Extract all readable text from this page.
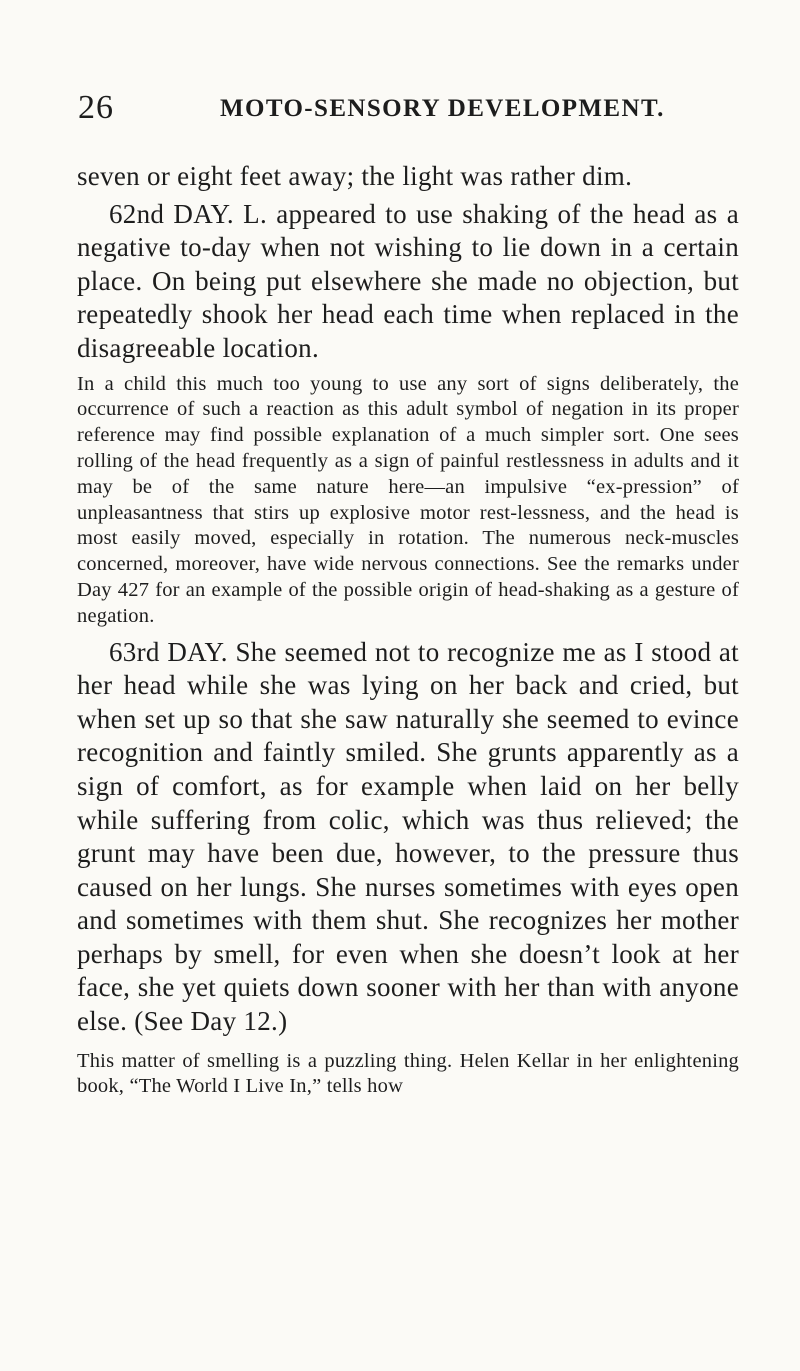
26	MOTO-SENSORY DEVELOPMENT.

seven or eight feet away; the light was rather dim.

62nd DAY. L. appeared to use shaking of the head as a negative to-day when not wishing to lie down in a certain place. On being put elsewhere she made no objection, but repeatedly shook her head each time when replaced in the disagreeable location.

In a child this much too young to use any sort of signs deliberately, the occurrence of such a reaction as this adult symbol of negation in its proper reference may find possible explanation of a much simpler sort. One sees rolling of the head frequently as a sign of painful restlessness in adults and it may be of the same nature here—an impulsive “ex-pression” of unpleasantness that stirs up explosive motor rest-lessness, and the head is most easily moved, especially in rotation. The numerous neck-muscles concerned, moreover, have wide nervous connections. See the remarks under Day 427 for an example of the possible origin of head-shaking as a gesture of negation.

63rd DAY. She seemed not to recognize me as I stood at her head while she was lying on her back and cried, but when set up so that she saw naturally she seemed to evince recognition and faintly smiled. She grunts apparently as a sign of comfort, as for example when laid on her belly while suffering from colic, which was thus relieved; the grunt may have been due, however, to the pressure thus caused on her lungs. She nurses sometimes with eyes open and sometimes with them shut. She recognizes her mother perhaps by smell, for even when she doesn’t look at her face, she yet quiets down sooner with her than with anyone else. (See Day 12.)

This matter of smelling is a puzzling thing. Helen Kellar in her enlightening book, “The World I Live In,” tells how
